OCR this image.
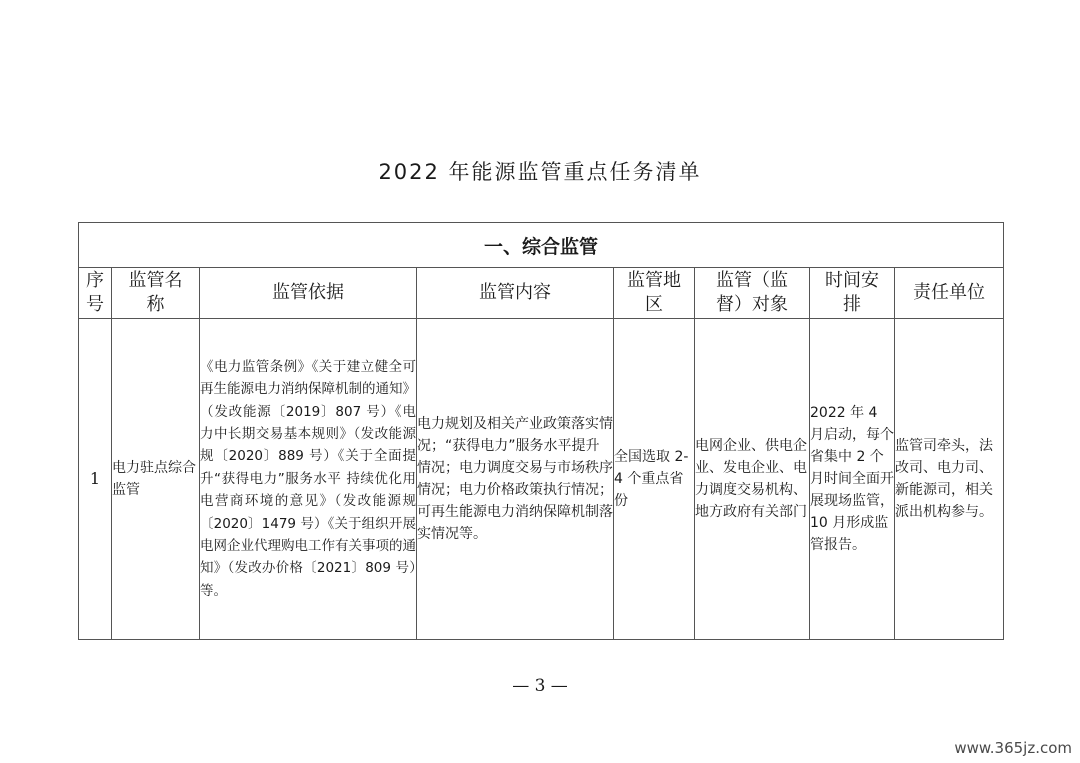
2022 年能源监管重点任务清单
一、综合监管							
序号	监管名称	监管依据	监管内容	监管地区	监管（监督）对象	时间安排	责任单位
1	电力驻点综合监管	《电力监管条例》《关于建立健全可再生能源电力消纳保障机制的通知》（发改能源〔2019〕807 号）《电力中长期交易基本规则》（发改能源规〔2020〕889 号）《关于全面提升“获得电力”服务水平 持续优化用电营商环境的意见》（发改能源规〔2020〕1479 号）《关于组织开展电网企业代理购电工作有关事项的通知》（发改办价格〔2021〕809 号）等。	电力规划及相关产业政策落实情况；“获得电力”服务水平提升情况；电力调度交易与市场秩序情况；电力价格政策执行情况；可再生能源电力消纳保障机制落实情况等。	全国选取 2-4 个重点省份	电网企业、供电企业、发电企业、电力调度交易机构、地方政府有关部门	2022 年 4 月启动，每个省集中 2 个月时间全面开展现场监管，10 月形成监管报告。	监管司牵头，法改司、电力司、新能源司，相关派出机构参与。
— 3 —
www.365jz.com
